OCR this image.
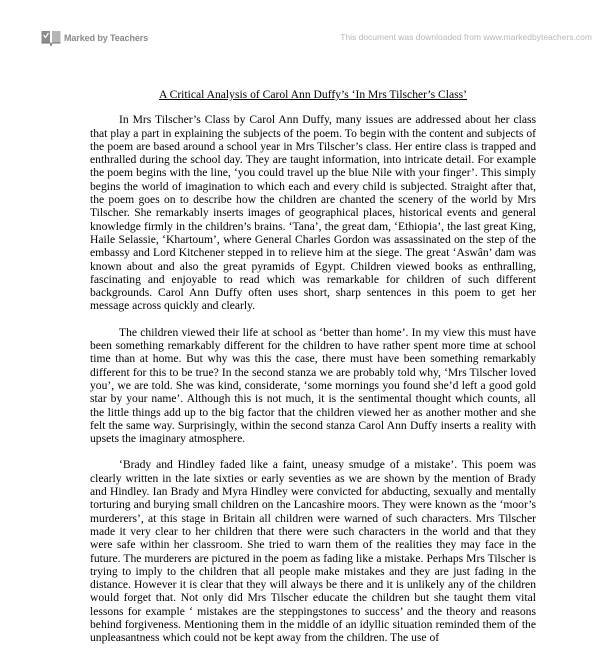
Marked by Teachers	This document was downloaded from www.markedbyteachers.com

A Critical Analysis of Carol Ann Duffy’s ‘In Mrs Tilscher’s Class’

In Mrs Tilscher’s Class by Carol Ann Duffy, many issues are addressed about her class that play a part in explaining the subjects of the poem. To begin with the content and subjects of the poem are based around a school year in Mrs Tilscher’s class. Her entire class is trapped and enthralled during the school day. They are taught information, into intricate detail. For example the poem begins with the line, ‘you could travel up the blue Nile with your finger’. This simply begins the world of imagination to which each and every child is subjected. Straight after that, the poem goes on to describe how the children are chanted the scenery of the world by Mrs Tilscher. She remarkably inserts images of geographical places, historical events and general knowledge firmly in the children’s brains. ‘Tana’, the great dam, ‘Ethiopia’, the last great King, Haile Selassie, ‘Khartoum’, where General Charles Gordon was assassinated on the step of the embassy and Lord Kitchener stepped in to relieve him at the siege. The great ‘Aswân’ dam was known about and also the great pyramids of Egypt. Children viewed books as enthralling, fascinating and enjoyable to read which was remarkable for children of such different backgrounds. Carol Ann Duffy often uses short, sharp sentences in this poem to get her message across quickly and clearly.

The children viewed their life at school as ‘better than home’. In my view this must have been something remarkably different for the children to have rather spent more time at school time than at home. But why was this the case, there must have been something remarkably different for this to be true? In the second stanza we are probably told why, ‘Mrs Tilscher loved you’, we are told. She was kind, considerate, ‘some mornings you found she’d left a good gold star by your name’. Although this is not much, it is the sentimental thought which counts, all the little things add up to the big factor that the children viewed her as another mother and she felt the same way. Surprisingly, within the second stanza Carol Ann Duffy inserts a reality with upsets the imaginary atmosphere.

‘Brady and Hindley faded like a faint, uneasy smudge of a mistake’. This poem was clearly written in the late sixties or early seventies as we are shown by the mention of Brady and Hindley. Ian Brady and Myra Hindley were convicted for abducting, sexually and mentally torturing and burying small children on the Lancashire moors. They were known as the ‘moor’s murderers’, at this stage in Britain all children were warned of such characters. Mrs Tilscher made it very clear to her children that there were such characters in the world and that they were safe within her classroom. She tried to warn them of the realities they may face in the future. The murderers are pictured in the poem as fading like a mistake. Perhaps Mrs Tilscher is trying to imply to the children that all people make mistakes and they are just fading in the distance. However it is clear that they will always be there and it is unlikely any of the children would forget that. Not only did Mrs Tilscher educate the children but she taught them vital lessons for example ‘ mistakes are the steppingstones to success’ and the theory and reasons behind forgiveness. Mentioning them in the middle of an idyllic situation reminded them of the unpleasantness which could not be kept away from the children. The use of
